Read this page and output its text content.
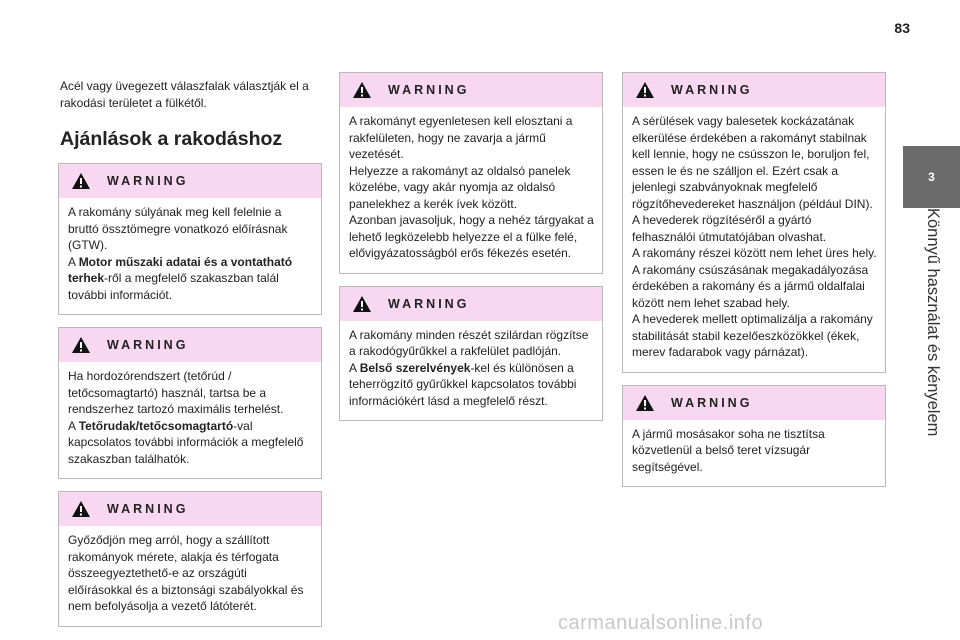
83
3
Könnyű használat és kényelem

Acél vagy üvegezett válaszfalak választják el a rakodási területet a fülkétől.

Ajánlások a rakodáshoz
WARNING

A rakomány súlyának meg kell felelnie a bruttó össztömegre vonatkozó előírásnak (GTW).

A Motor műszaki adatai és a vontatható terhek-ről a megfelelő szakaszban talál további információt.

WARNING

Ha hordozórendszert (tetőrúd / tetőcsomagtartó) használ, tartsa be a rendszerhez tartozó maximális terhelést.

A Tetőrudak/tetőcsomagtartó-val kapcsolatos további információk a megfelelő szakaszban találhatók.

WARNING

Győződjön meg arról, hogy a szállított rakományok mérete, alakja és térfogata összeegyeztethető-e az országúti előírásokkal és a biztonsági szabályokkal és nem befolyásolja a vezető látóterét.

WARNING

A rakományt egyenletesen kell elosztani a rakfelületen, hogy ne zavarja a jármű vezetését.

Helyezze a rakományt az oldalsó panelek közelébe, vagy akár nyomja az oldalsó panelekhez a kerék ívek között.

Azonban javasoljuk, hogy a nehéz tárgyakat a lehető legközelebb helyezze el a fülke felé, elővigyázatosságból erős fékezés esetén.

WARNING

A rakomány minden részét szilárdan rögzítse a rakodógyűrűkkel a rakfelület padlóján.

A Belső szerelvények-kel és különösen a teherrögzítő gyűrűkkel kapcsolatos további információkért lásd a megfelelő részt.

WARNING

A sérülések vagy balesetek kockázatának elkerülése érdekében a rakományt stabilnak kell lennie, hogy ne csússzon le, boruljon fel, essen le és ne szálljon el. Ezért csak a jelenlegi szabványoknak megfelelő rögzítőhevedereket használjon (például DIN).

A hevederek rögzítéséről a gyártó felhasználói útmutatójában olvashat.

A rakomány részei között nem lehet üres hely.

A rakomány csúszásának megakadályozása érdekében a rakomány és a jármű oldalfalai között nem lehet szabad hely.

A hevederek mellett optimalizálja a rakomány stabilitását stabil kezelőeszközökkel (ékek, merev fadarabok vagy párnázat).

WARNING

A jármű mosásakor soha ne tisztítsa közvetlenül a belső teret vízsugár segítségével.

carmanualsonline.info
